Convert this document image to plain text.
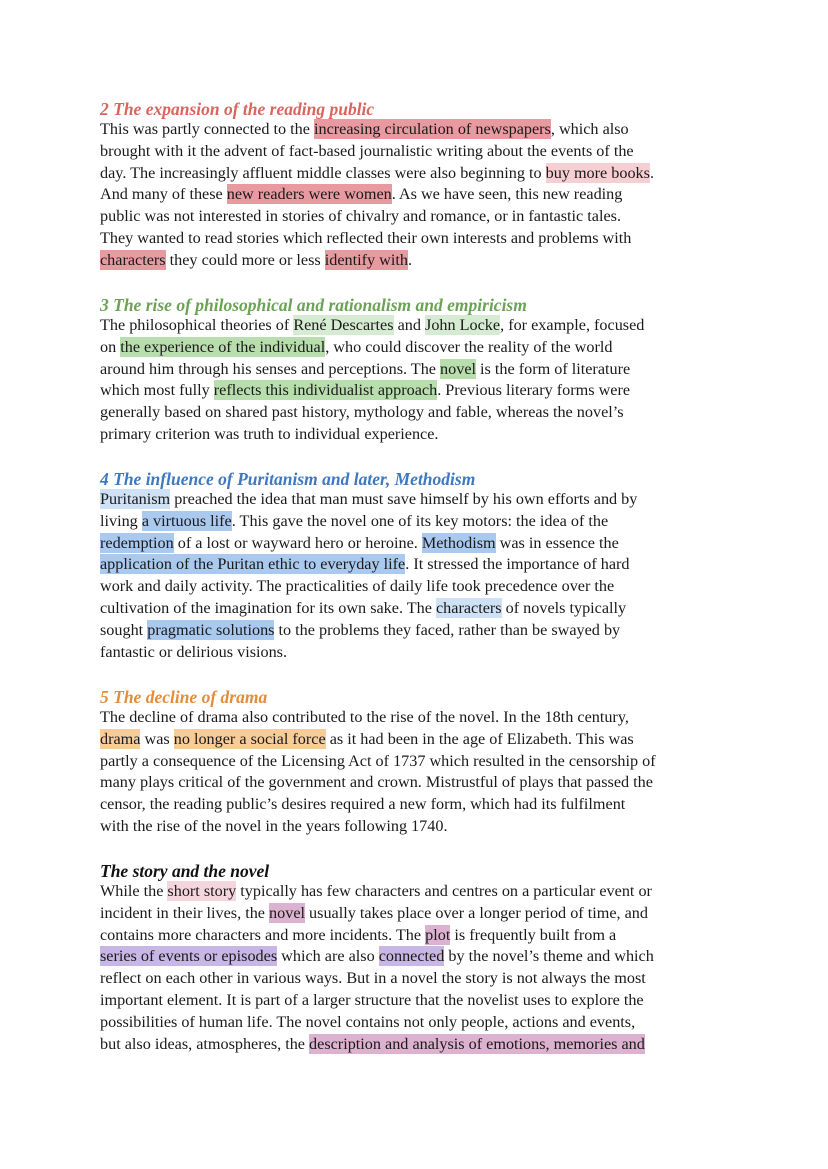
2 The expansion of the reading public
This was partly connected to the increasing circulation of newspapers, which also
brought with it the advent of fact-based journalistic writing about the events of the
day. The increasingly affluent middle classes were also beginning to buy more books.
And many of these new readers were women. As we have seen, this new reading
public was not interested in stories of chivalry and romance, or in fantastic tales.
They wanted to read stories which reflected their own interests and problems with
characters they could more or less identify with.
3 The rise of philosophical and rationalism and empiricism
The philosophical theories of René Descartes and John Locke, for example, focused
on the experience of the individual, who could discover the reality of the world
around him through his senses and perceptions. The novel is the form of literature
which most fully reflects this individualist approach. Previous literary forms were
generally based on shared past history, mythology and fable, whereas the novel’s
primary criterion was truth to individual experience.
4 The influence of Puritanism and later, Methodism
Puritanism preached the idea that man must save himself by his own efforts and by
living a virtuous life. This gave the novel one of its key motors: the idea of the
redemption of a lost or wayward hero or heroine. Methodism was in essence the
application of the Puritan ethic to everyday life. It stressed the importance of hard
work and daily activity. The practicalities of daily life took precedence over the
cultivation of the imagination for its own sake. The characters of novels typically
sought pragmatic solutions to the problems they faced, rather than be swayed by
fantastic or delirious visions.
5 The decline of drama
The decline of drama also contributed to the rise of the novel. In the 18th century,
drama was no longer a social force as it had been in the age of Elizabeth. This was
partly a consequence of the Licensing Act of 1737 which resulted in the censorship of
many plays critical of the government and crown. Mistrustful of plays that passed the
censor, the reading public’s desires required a new form, which had its fulfilment
with the rise of the novel in the years following 1740.
The story and the novel
While the short story typically has few characters and centres on a particular event or
incident in their lives, the novel usually takes place over a longer period of time, and
contains more characters and more incidents. The plot is frequently built from a
series of events or episodes which are also connected by the novel’s theme and which
reflect on each other in various ways. But in a novel the story is not always the most
important element. It is part of a larger structure that the novelist uses to explore the
possibilities of human life. The novel contains not only people, actions and events,
but also ideas, atmospheres, the description and analysis of emotions, memories and
